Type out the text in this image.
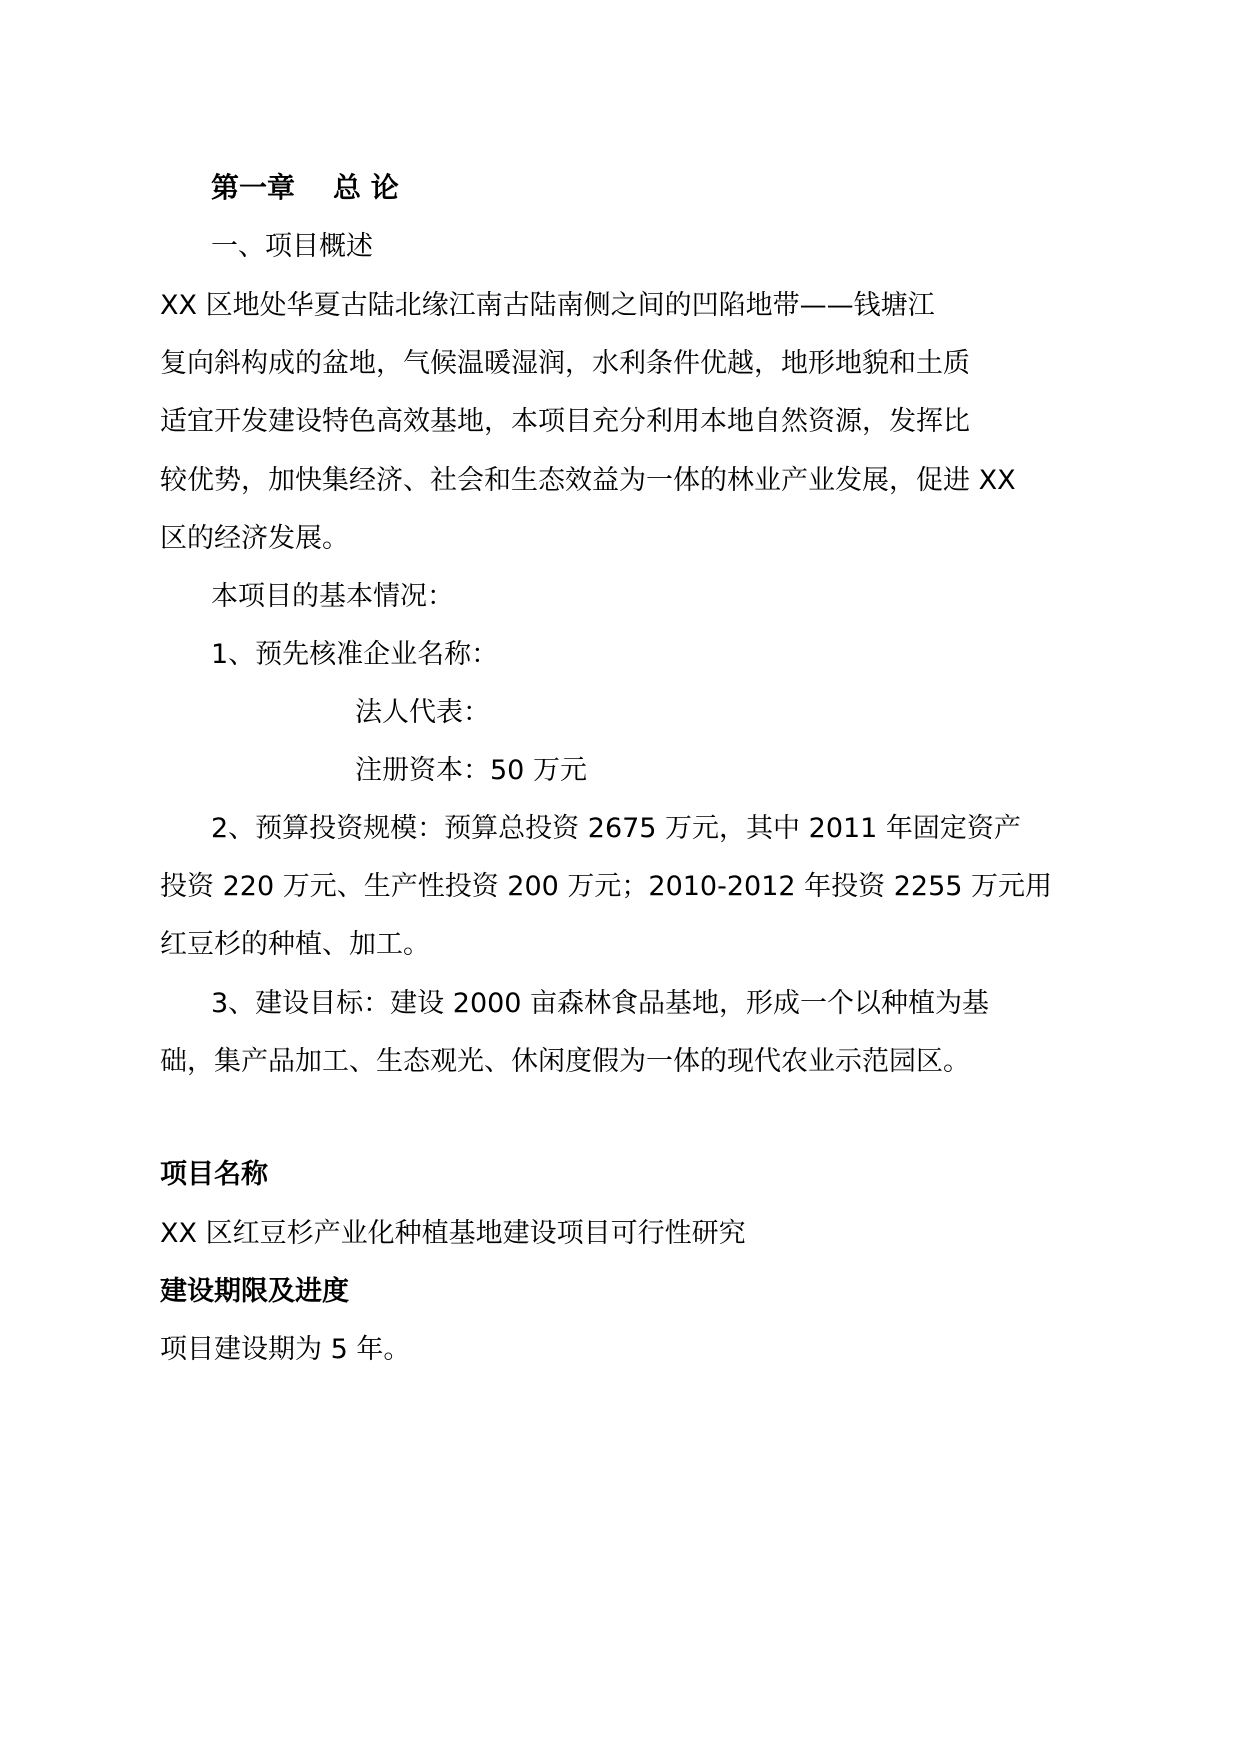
第一章 总 论
一、项目概述
XX 区地处华夏古陆北缘江南古陆南侧之间的凹陷地带——钱塘江
复向斜构成的盆地，气候温暖湿润，水利条件优越，地形地貌和土质
适宜开发建设特色高效基地，本项目充分利用本地自然资源，发挥比
较优势，加快集经济、社会和生态效益为一体的林业产业发展，促进 XX
区的经济发展。
本项目的基本情况：
1、预先核准企业名称：
法人代表：
注册资本：50 万元
2、预算投资规模：预算总投资 2675 万元，其中 2011 年固定资产
投资 220 万元、生产性投资 200 万元；2010-2012 年投资 2255 万元用
红豆杉的种植、加工。
3、建设目标：建设 2000 亩森林食品基地，形成一个以种植为基
础，集产品加工、生态观光、休闲度假为一体的现代农业示范园区。
项目名称
XX 区红豆杉产业化种植基地建设项目可行性研究
建设期限及进度
项目建设期为 5 年。
